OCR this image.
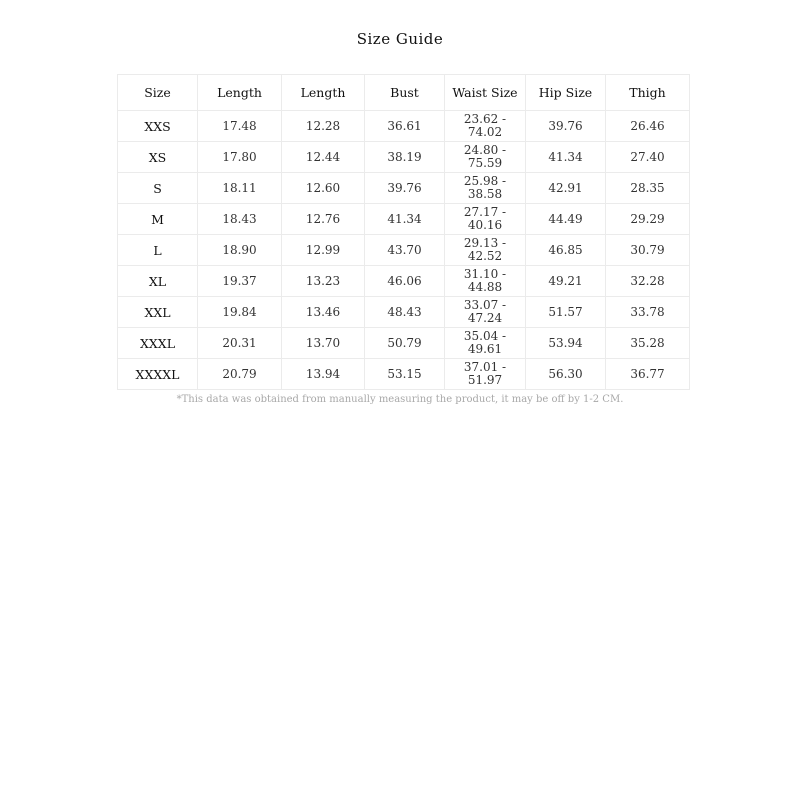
Size Guide
Size	Length	Length	Bust	Waist Size	Hip Size	Thigh
XXS	17.48	12.28	36.61	23.62 - 74.02	39.76	26.46
XS	17.80	12.44	38.19	24.80 - 75.59	41.34	27.40
S	18.11	12.60	39.76	25.98 - 38.58	42.91	28.35
M	18.43	12.76	41.34	27.17 - 40.16	44.49	29.29
L	18.90	12.99	43.70	29.13 - 42.52	46.85	30.79
XL	19.37	13.23	46.06	31.10 - 44.88	49.21	32.28
XXL	19.84	13.46	48.43	33.07 - 47.24	51.57	33.78
XXXL	20.31	13.70	50.79	35.04 - 49.61	53.94	35.28
XXXXL	20.79	13.94	53.15	37.01 - 51.97	56.30	36.77
*This data was obtained from manually measuring the product, it may be off by 1-2 CM.
